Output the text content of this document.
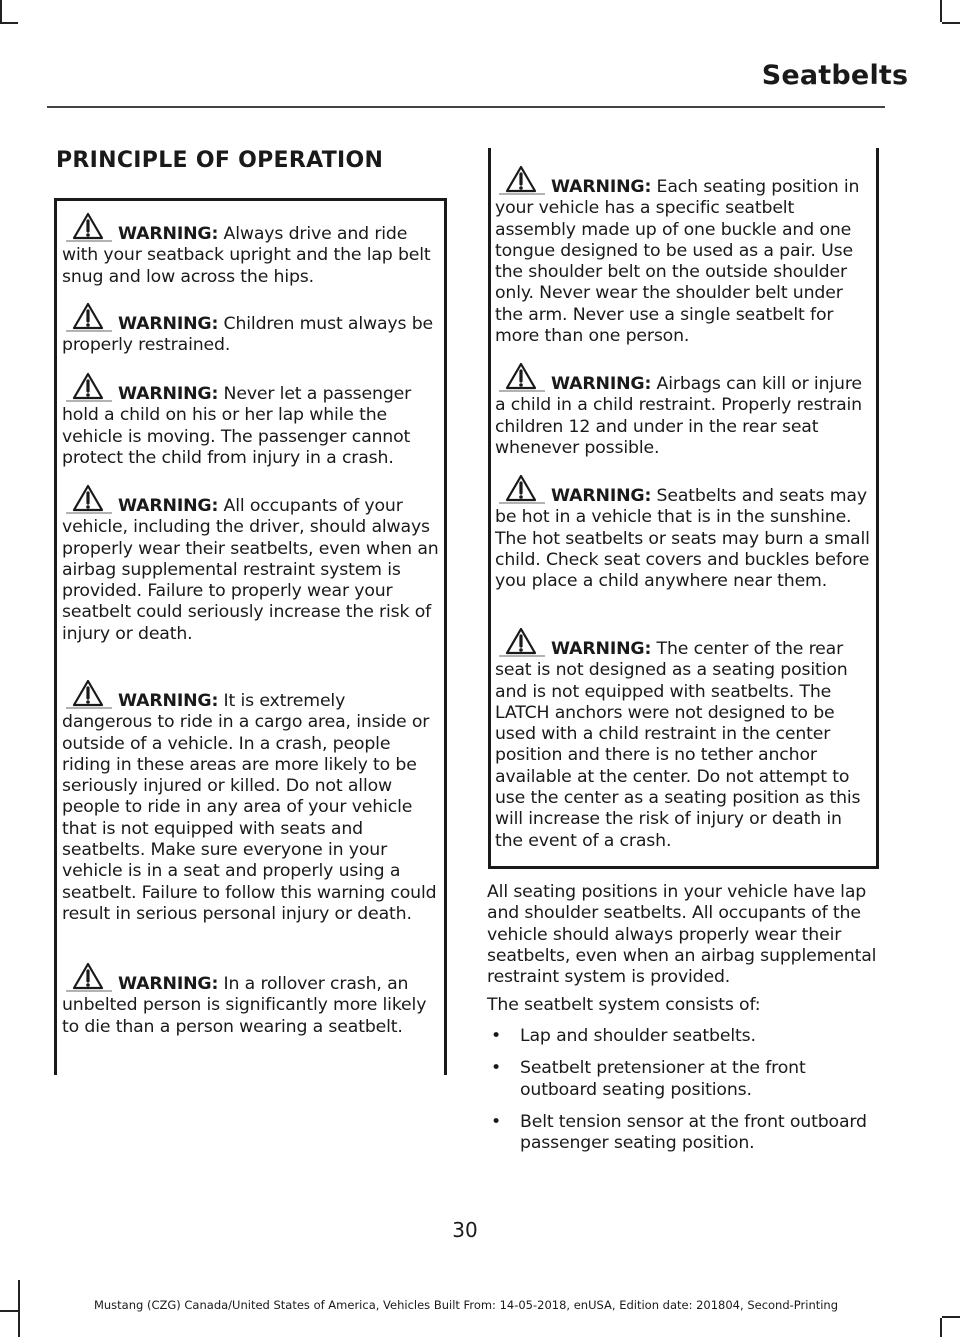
Seatbelts
PRINCIPLE OF OPERATION
WARNING: Always drive and ride with your seatback upright and the lap belt snug and low across the hips.
WARNING: Children must always be properly restrained.
WARNING: Never let a passenger hold a child on his or her lap while the vehicle is moving. The passenger cannot protect the child from injury in a crash.
WARNING: All occupants of your vehicle, including the driver, should always properly wear their seatbelts, even when an airbag supplemental restraint system is provided. Failure to properly wear your seatbelt could seriously increase the risk of injury or death.
WARNING: It is extremely dangerous to ride in a cargo area, inside or outside of a vehicle. In a crash, people riding in these areas are more likely to be seriously injured or killed. Do not allow people to ride in any area of your vehicle that is not equipped with seats and seatbelts. Make sure everyone in your vehicle is in a seat and properly using a seatbelt. Failure to follow this warning could result in serious personal injury or death.
WARNING: In a rollover crash, an unbelted person is significantly more likely to die than a person wearing a seatbelt.
WARNING: Each seating position in your vehicle has a specific seatbelt assembly made up of one buckle and one tongue designed to be used as a pair. Use the shoulder belt on the outside shoulder only. Never wear the shoulder belt under the arm. Never use a single seatbelt for more than one person.
WARNING: Airbags can kill or injure a child in a child restraint. Properly restrain children 12 and under in the rear seat whenever possible.
WARNING: Seatbelts and seats may be hot in a vehicle that is in the sunshine. The hot seatbelts or seats may burn a small child. Check seat covers and buckles before you place a child anywhere near them.
WARNING: The center of the rear seat is not designed as a seating position and is not equipped with seatbelts. The LATCH anchors were not designed to be used with a child restraint in the center position and there is no tether anchor available at the center. Do not attempt to use the center as a seating position as this will increase the risk of injury or death in the event of a crash.
All seating positions in your vehicle have lap and shoulder seatbelts. All occupants of the vehicle should always properly wear their seatbelts, even when an airbag supplemental restraint system is provided.
The seatbelt system consists of:
• Lap and shoulder seatbelts.
• Seatbelt pretensioner at the front outboard seating positions.
• Belt tension sensor at the front outboard passenger seating position.
30
Mustang (CZG) Canada/United States of America, Vehicles Built From: 14-05-2018, enUSA, Edition date: 201804, Second-Printing
